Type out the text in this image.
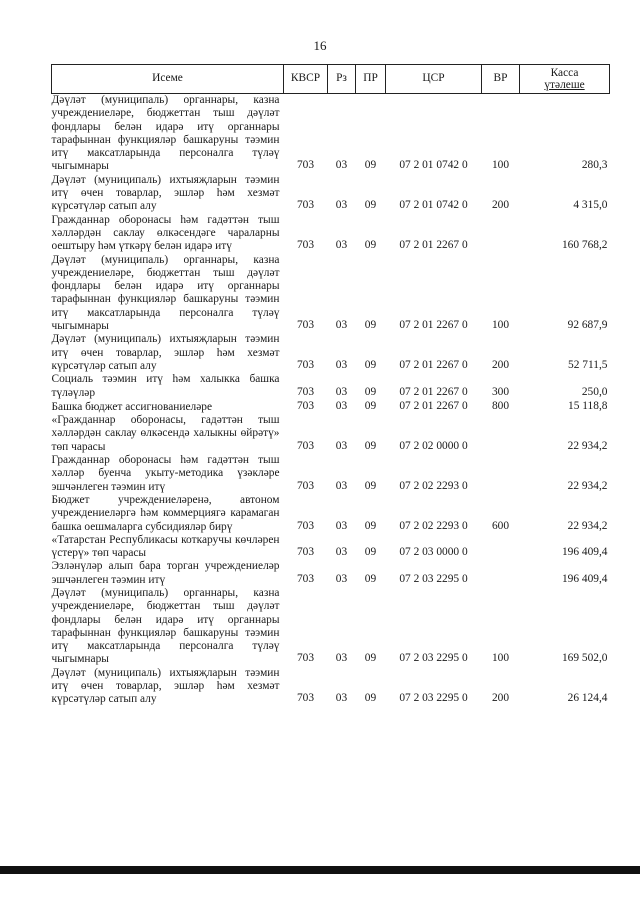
16
Исеме	КВСР	Рз	ПР	ЦСР	ВР	Касса
үтәлеше

Дәүләт (муниципаль) органнары, казна учреждениеләре, бюджеттан тыш дәүләт фондлары белән идарә итү органнары тарафыннан функцияләр башкаруны тәэмин итү максатларында персоналга түләү чыгымнары	703	03	09	07 2 01 0742 0	100	280,3
Дәүләт (муниципаль) ихтыяҗларын тәэмин итү өчен товарлар, эшләр һәм хезмәт күрсәтүләр сатып алу	703	03	09	07 2 01 0742 0	200	4 315,0
Гражданнар оборонасы һәм гадәттән тыш хәлләрдән саклау өлкәсендәге чараларны оештыру һәм үткәрү белән идарә итү	703	03	09	07 2 01 2267 0		160 768,2
Дәүләт (муниципаль) органнары, казна учреждениеләре, бюджеттан тыш дәүләт фондлары белән идарә итү органнары тарафыннан функцияләр башкаруны тәэмин итү максатларында персоналга түләү чыгымнары	703	03	09	07 2 01 2267 0	100	92 687,9
Дәүләт (муниципаль) ихтыяҗларын тәэмин итү өчен товарлар, эшләр һәм хезмәт күрсәтүләр сатып алу	703	03	09	07 2 01 2267 0	200	52 711,5
Социаль тәэмин итү һәм халыкка башка түләүләр	703	03	09	07 2 01 2267 0	300	250,0
Башка бюджет ассигнованиеләре	703	03	09	07 2 01 2267 0	800	15 118,8
«Гражданнар оборонасы, гадәттән тыш хәлләрдән саклау өлкәсендә халыкны өйрәтү» төп чарасы	703	03	09	07 2 02 0000 0		22 934,2
Гражданнар оборонасы һәм гадәттән тыш хәлләр буенча укыту-методика үзәкләре эшчәнлеген тәэмин итү	703	03	09	07 2 02 2293 0		22 934,2
Бюджет учреждениеләренә, автоном учреждениеләргә һәм коммерциягә карамаган башка оешмаларга субсидияләр бирү	703	03	09	07 2 02 2293 0	600	22 934,2
«Татарстан Республикасы коткаручы көчләрен үстерү» төп чарасы	703	03	09	07 2 03 0000 0		196 409,4
Эзләнүләр алып бара торган учреждениеләр эшчәнлеген тәэмин итү	703	03	09	07 2 03 2295 0		196 409,4
Дәүләт (муниципаль) органнары, казна учреждениеләре, бюджеттан тыш дәүләт фондлары белән идарә итү органнары тарафыннан функцияләр башкаруны тәэмин итү максатларында персоналга түләү чыгымнары	703	03	09	07 2 03 2295 0	100	169 502,0
Дәүләт (муниципаль) ихтыяҗларын тәэмин итү өчен товарлар, эшләр һәм хезмәт күрсәтүләр сатып алу	703	03	09	07 2 03 2295 0	200	26 124,4
